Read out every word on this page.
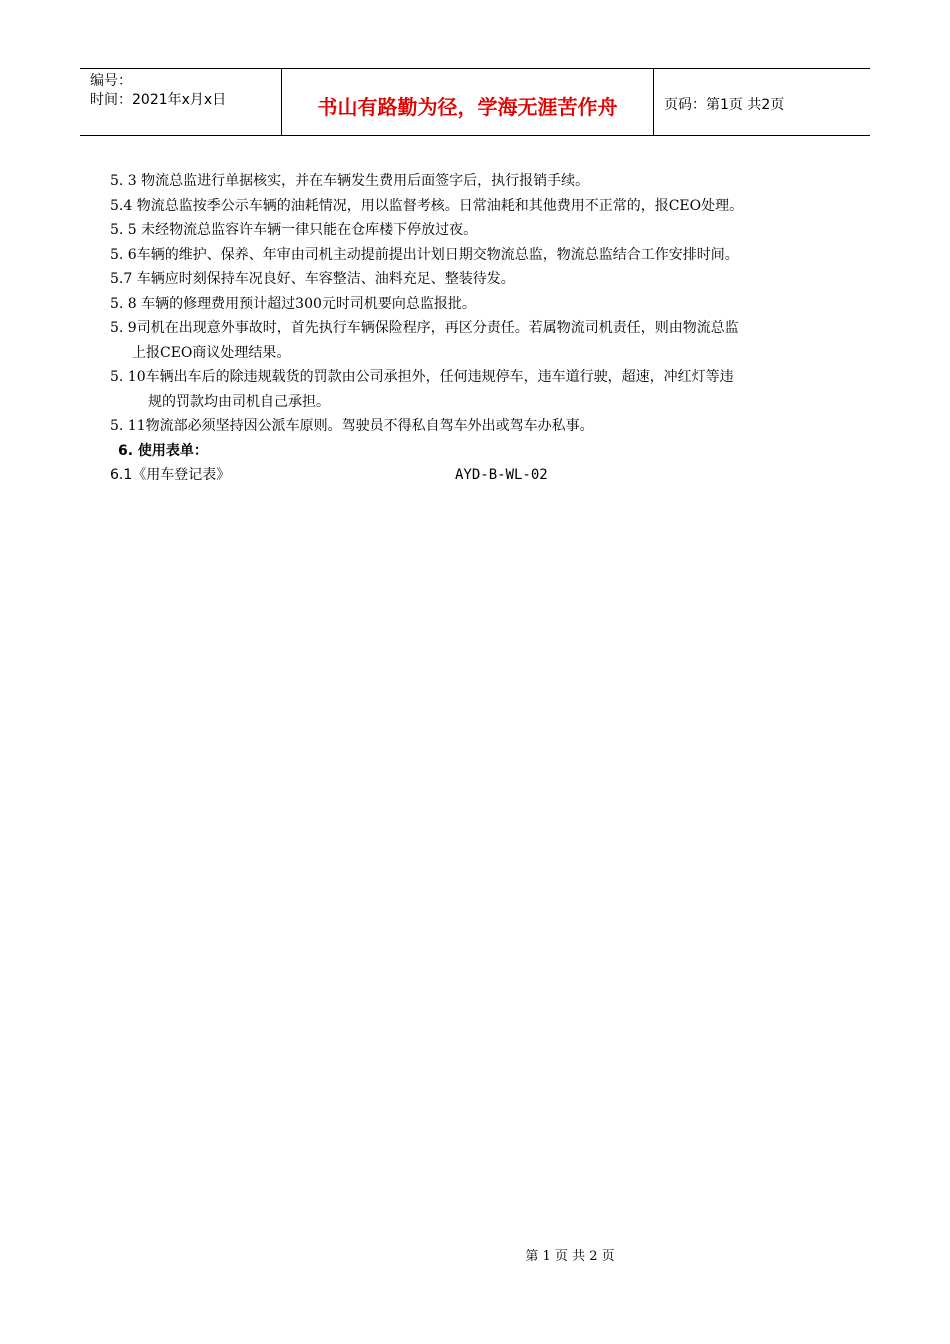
编号：
时间：2021年x月x日	书山有路勤为径，学海无涯苦作舟	页码：第1页 共2页

5. 3 物流总监进行单据核实，并在车辆发生费用后面签字后，执行报销手续。

5.4 物流总监按季公示车辆的油耗情况，用以监督考核。日常油耗和其他费用不正常的，报CEO处理。

5. 5 未经物流总监容许车辆一律只能在仓库楼下停放过夜。

5. 6车辆的维护、保养、年审由司机主动提前提出计划日期交物流总监，物流总监结合工作安排时间。

5.7 车辆应时刻保持车况良好、车容整洁、油料充足、整装待发。

5. 8 车辆的修理费用预计超过300元时司机要向总监报批。

5. 9司机在出现意外事故时，首先执行车辆保险程序，再区分责任。若属物流司机责任，则由物流总监
上报CEO商议处理结果。

5. 10车辆出车后的除违规载货的罚款由公司承担外，任何违规停车，违车道行驶，超速，冲红灯等违
规的罚款均由司机自己承担。

5. 11物流部必须坚持因公派车原则。驾驶员不得私自驾车外出或驾车办私事。

6. 使用表单：
6.1《用车登记表》	AYD-B-WL-02
第 1 页 共 2 页
